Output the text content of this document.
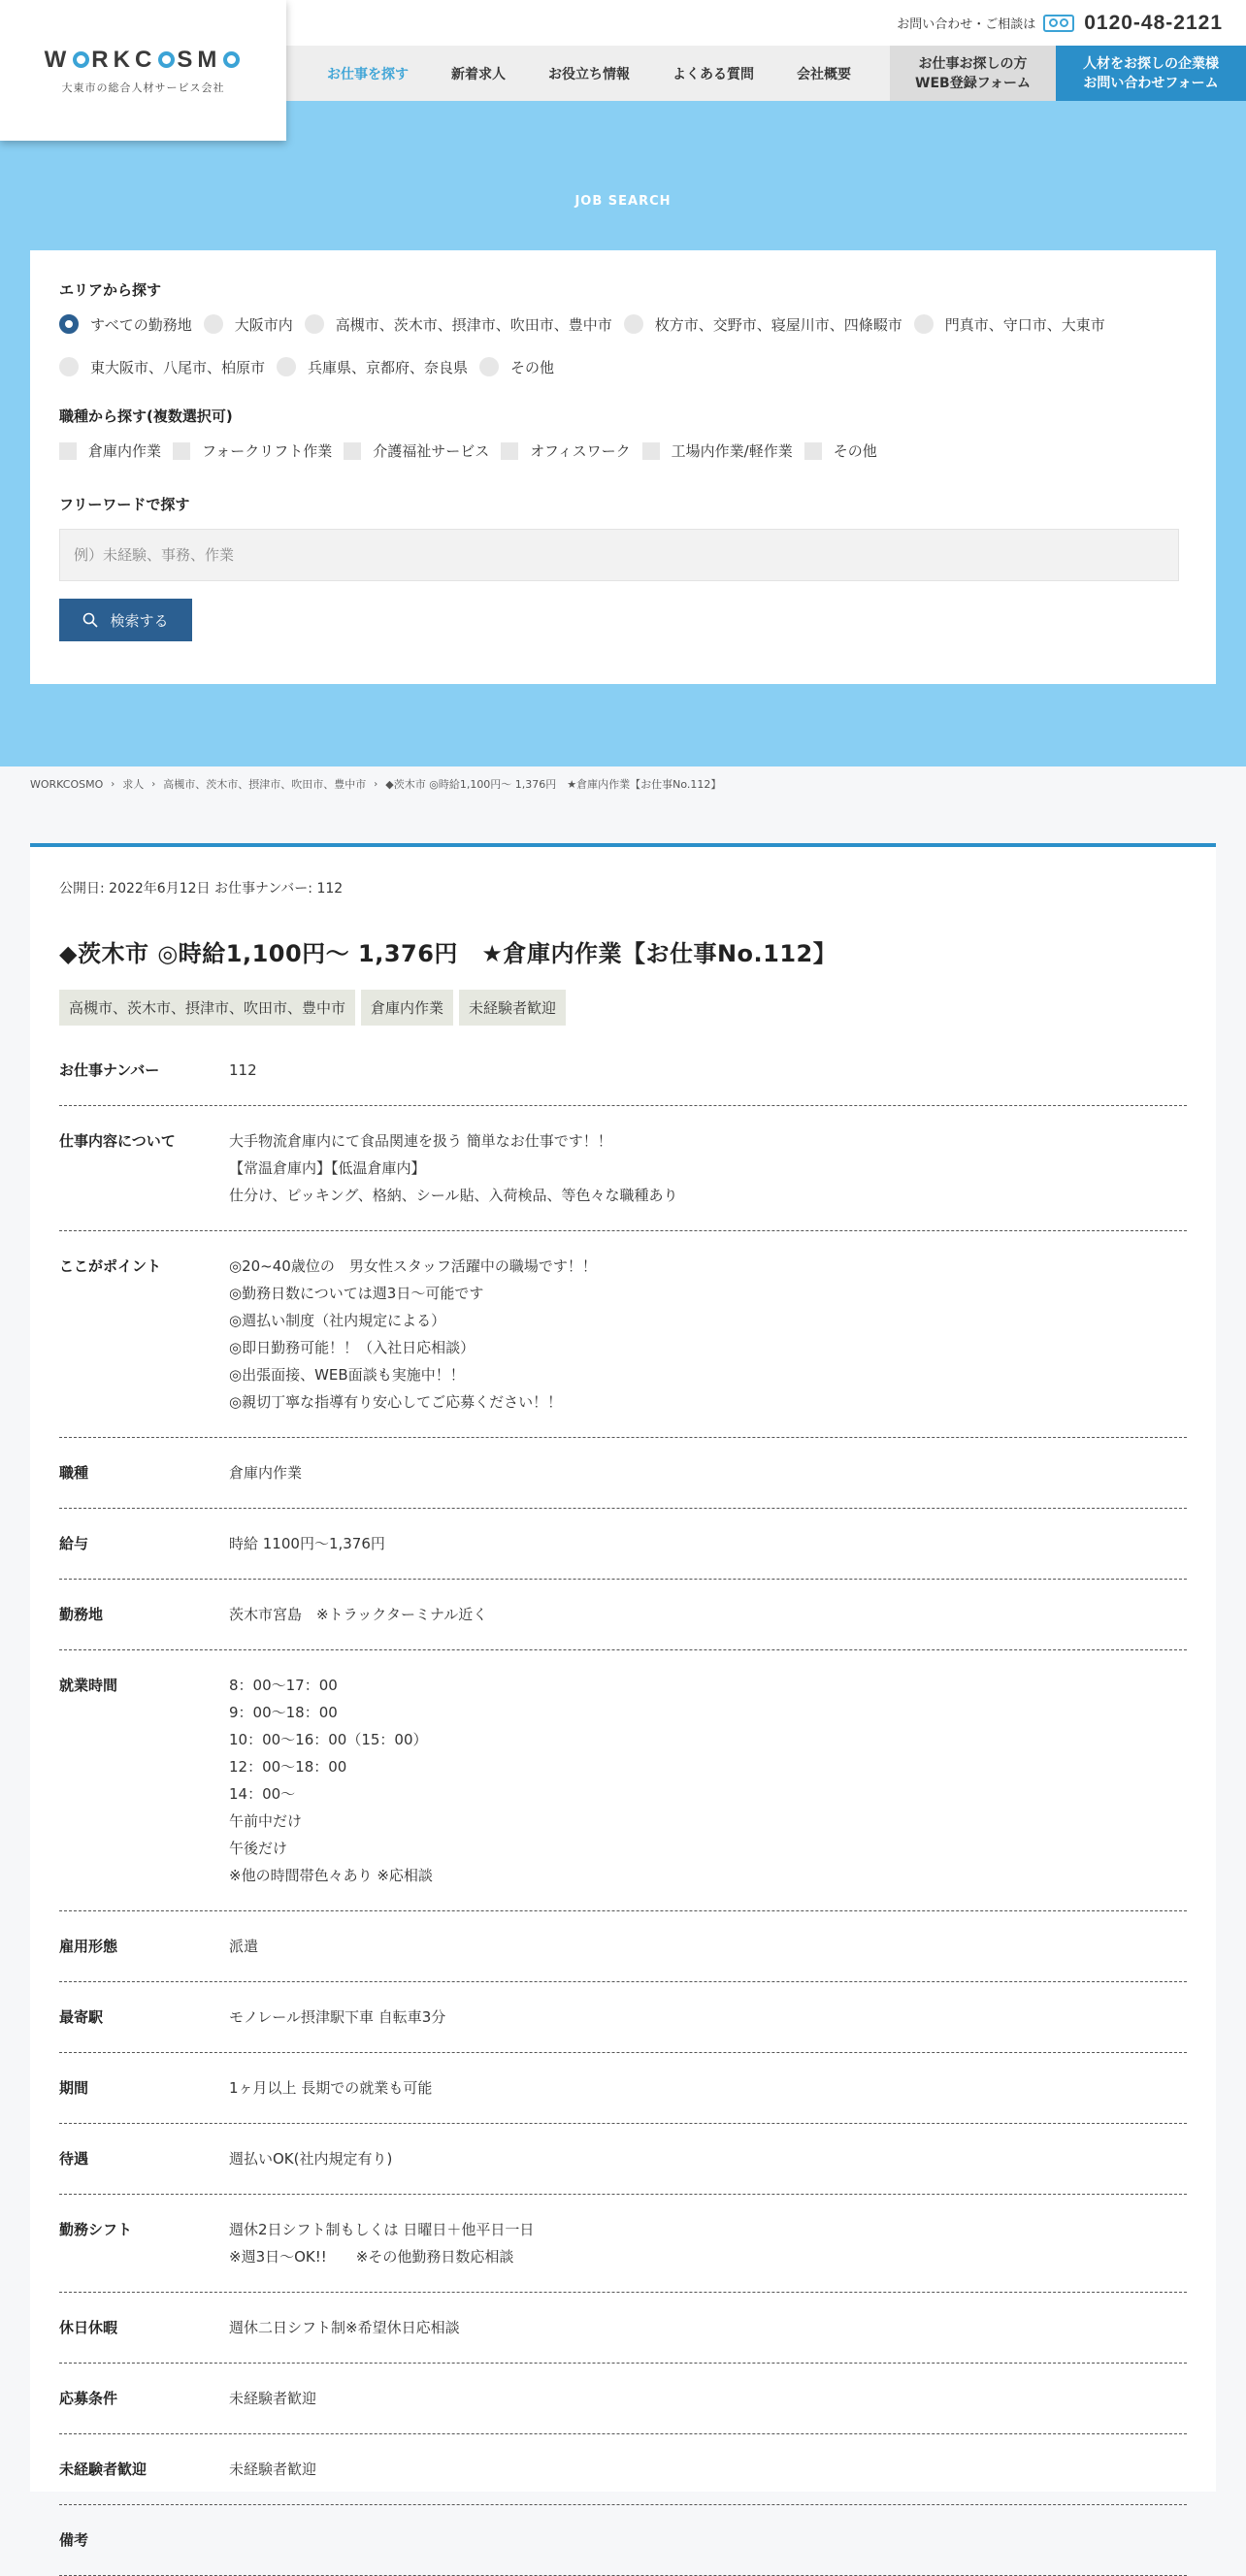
W RKC SM
大東市の総合人材サービス会社
お問い合わせ・ご相談は 0120-48-2121
お仕事を探す	新着求人	お役立ち情報	よくある質問	会社概要
お仕事お探しの方
WEB登録フォーム
人材をお探しの企業様
お問い合わせフォーム
JOB SEARCH
エリアから探す
すべての勤務地	大阪市内	高槻市、茨木市、摂津市、吹田市、豊中市	枚方市、交野市、寝屋川市、四條畷市	門真市、守口市、大東市
東大阪市、八尾市、柏原市	兵庫県、京都府、奈良県	その他
職種から探す(複数選択可)
倉庫内作業	フォークリフト作業	介護福祉サービス	オフィスワーク	工場内作業/軽作業	その他
フリーワードで探す
例）未経験、事務、作業
検索する
WORKCOSMO › 求人 › 高槻市、茨木市、摂津市、吹田市、豊中市 › ◆茨木市 ◎時給1,100円〜 1,376円　★倉庫内作業【お仕事No.112】
公開日: 2022年6月12日 お仕事ナンバー: 112
◆茨木市 ◎時給1,100円〜 1,376円　★倉庫内作業【お仕事No.112】
高槻市、茨木市、摂津市、吹田市、豊中市	倉庫内作業	未経験者歓迎
お仕事ナンバー	112
仕事内容について	大手物流倉庫内にて食品関連を扱う 簡単なお仕事です！！
【常温倉庫内】【低温倉庫内】
仕分け、ピッキング、格納、シール貼、入荷検品、等色々な職種あり
ここがポイント	◎20~40歳位の　男女性スタッフ活躍中の職場です！！
◎勤務日数については週3日〜可能です
◎週払い制度（社内規定による）
◎即日勤務可能！！（入社日応相談）
◎出張面接、WEB面談も実施中！！
◎親切丁寧な指導有り安心してご応募ください！！
職種	倉庫内作業
給与	時給 1100円〜1,376円
勤務地	茨木市宮島　※トラックターミナル近く
就業時間	8：00〜17：00
9：00〜18：00
10：00〜16：00（15：00）
12：00〜18：00
14：00〜
午前中だけ
午後だけ
※他の時間帯色々あり ※応相談
雇用形態	派遣
最寄駅	モノレール摂津駅下車 自転車3分
期間	1ヶ月以上 長期での就業も可能
待遇	週払いOK(社内規定有り)
勤務シフト	週休2日シフト制もしくは 日曜日＋他平日一日
※週3日〜OK!!　　※その他勤務日数応相談
休日休暇	週休二日シフト制※希望休日応相談
応募条件	未経験者歓迎
未経験者歓迎	未経験者歓迎
備考
